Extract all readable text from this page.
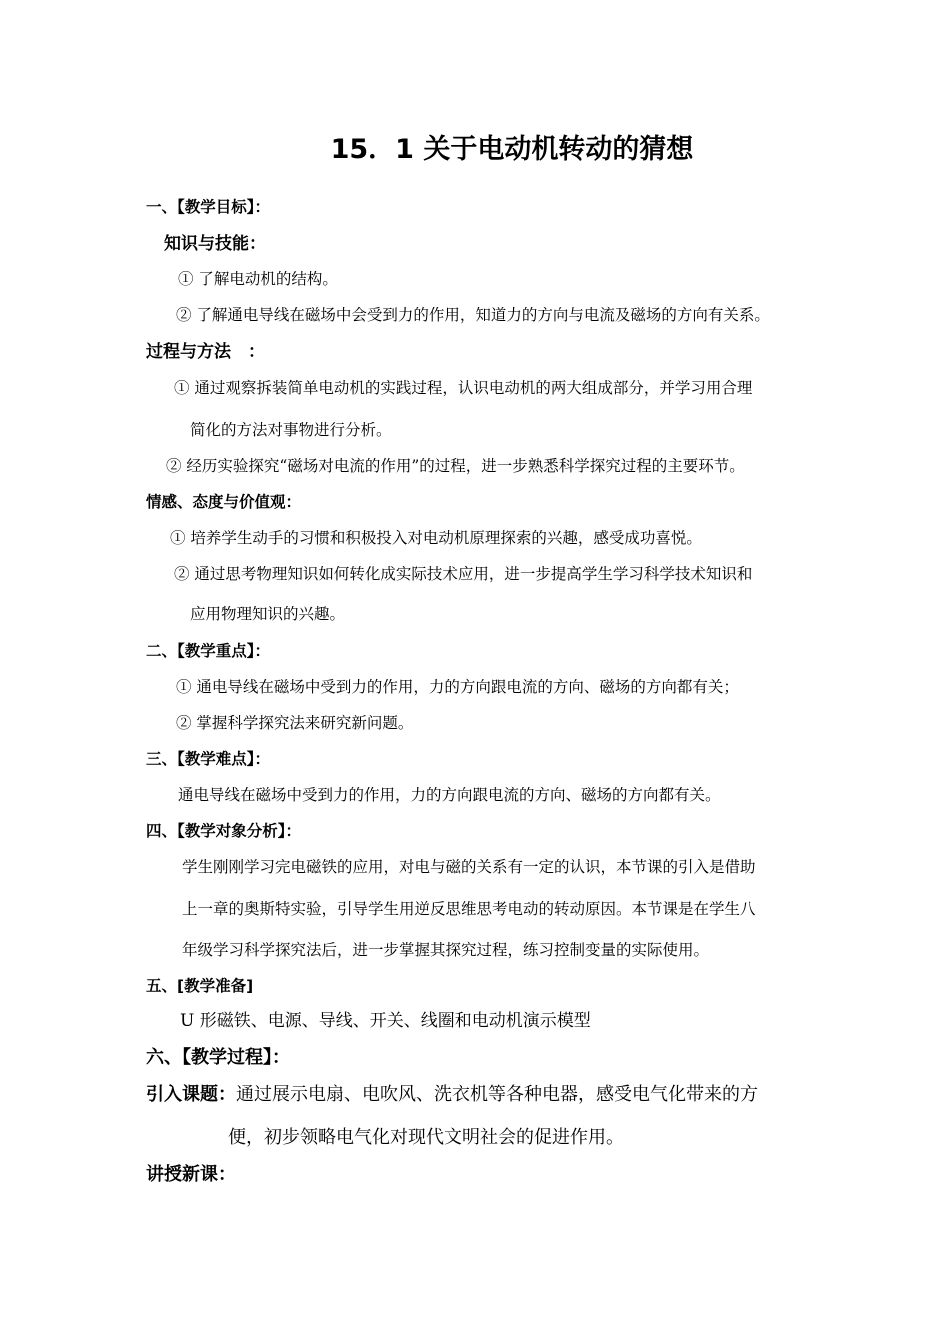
15．1 关于电动机转动的猜想
一、【教学目标】：
知识与技能：
① 了解电动机的结构。
② 了解通电导线在磁场中会受到力的作用，知道力的方向与电流及磁场的方向有关系。
过程与方法　：
① 通过观察拆装简单电动机的实践过程，认识电动机的两大组成部分，并学习用合理
简化的方法对事物进行分析。
② 经历实验探究“磁场对电流的作用”的过程，进一步熟悉科学探究过程的主要环节。
情感、态度与价值观：
① 培养学生动手的习惯和积极投入对电动机原理探索的兴趣，感受成功喜悦。
② 通过思考物理知识如何转化成实际技术应用，进一步提高学生学习科学技术知识和
应用物理知识的兴趣。
二、【教学重点】：
① 通电导线在磁场中受到力的作用，力的方向跟电流的方向、磁场的方向都有关；
② 掌握科学探究法来研究新问题。
三、【教学难点】：
通电导线在磁场中受到力的作用，力的方向跟电流的方向、磁场的方向都有关。
四、【教学对象分析】：
学生刚刚学习完电磁铁的应用，对电与磁的关系有一定的认识，本节课的引入是借助
上一章的奥斯特实验，引导学生用逆反思维思考电动的转动原因。本节课是在学生八
年级学习科学探究法后，进一步掌握其探究过程，练习控制变量的实际使用。
五、[教学准备]
U 形磁铁、电源、导线、开关、线圈和电动机演示模型
六、【教学过程】：
引入课题：通过展示电扇、电吹风、洗衣机等各种电器，感受电气化带来的方
便，初步领略电气化对现代文明社会的促进作用。
讲授新课：
